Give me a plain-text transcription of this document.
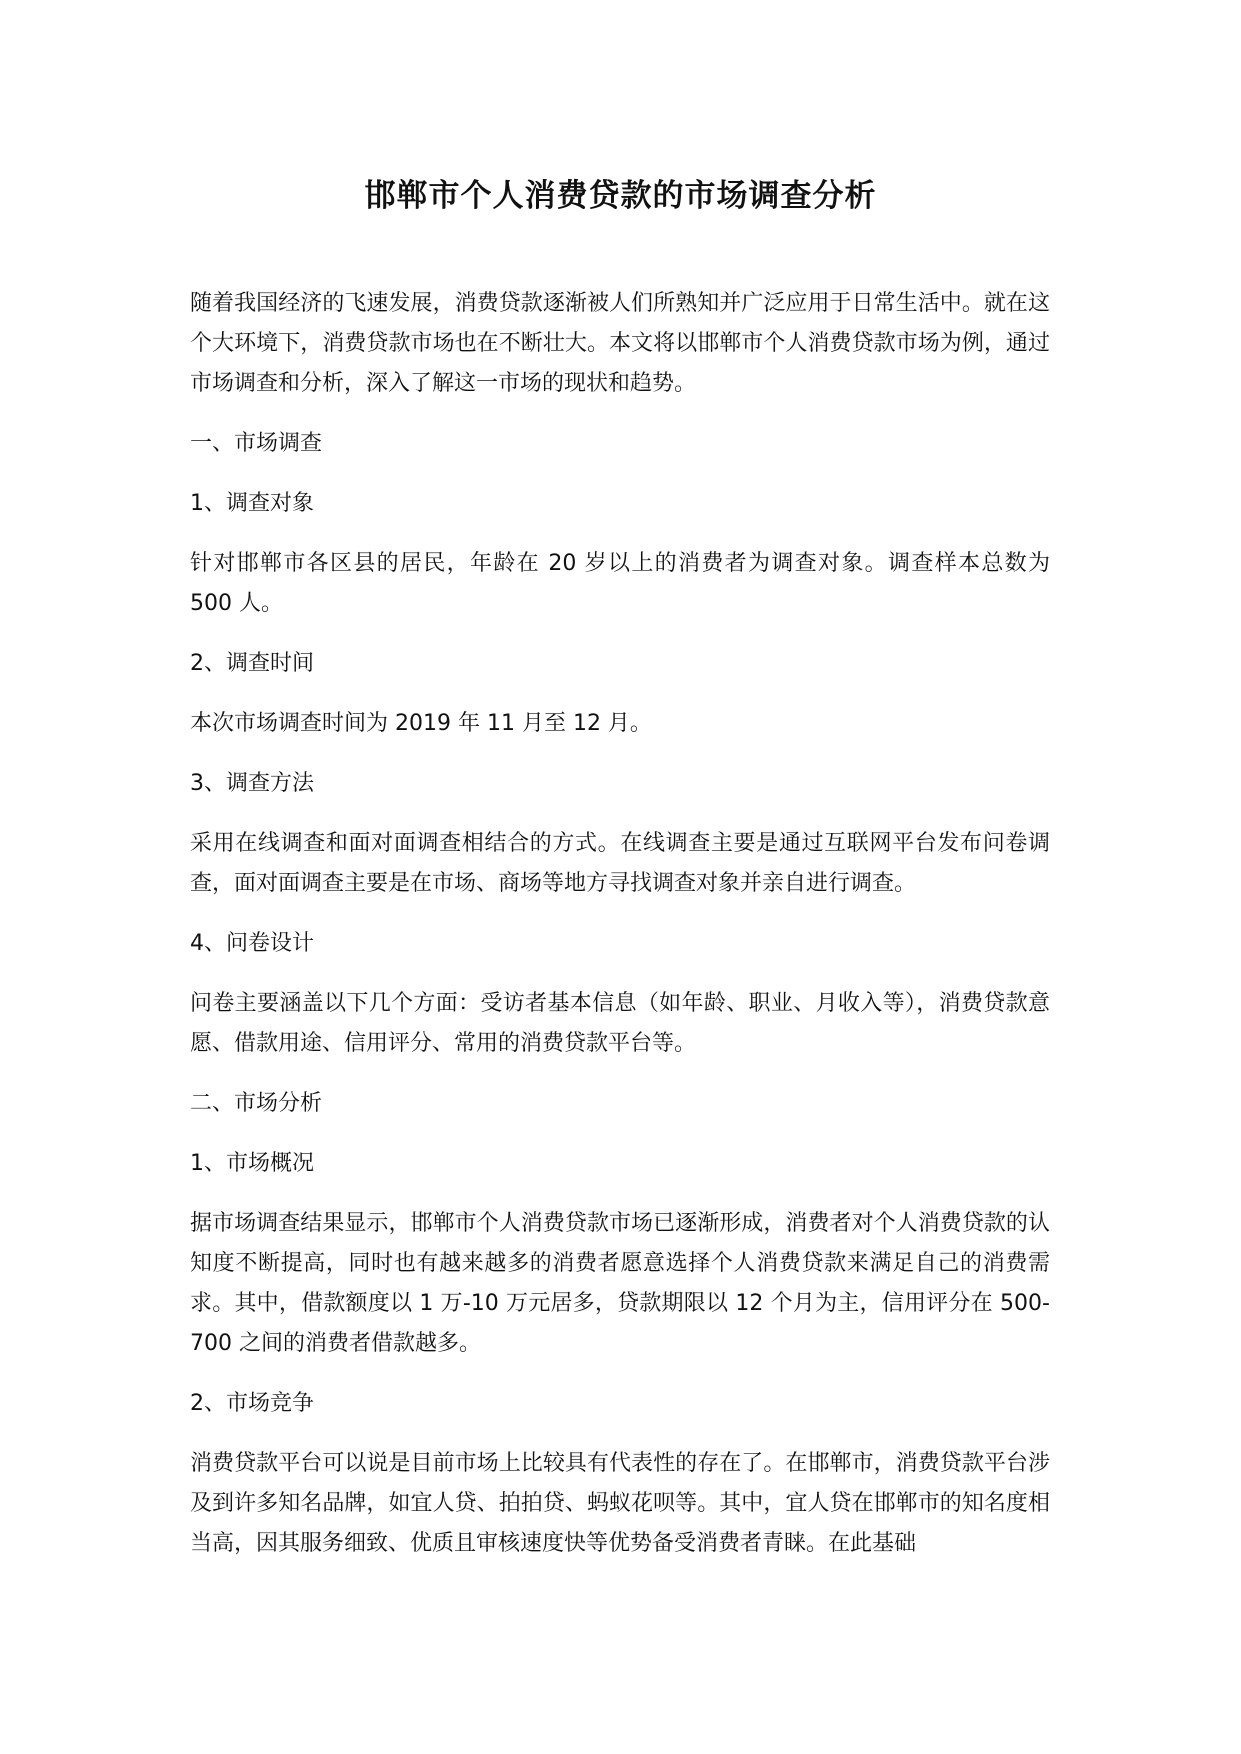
邯郸市个人消费贷款的市场调查分析

随着我国经济的飞速发展，消费贷款逐渐被人们所熟知并广泛应用于日常生活中。就在这个大环境下，消费贷款市场也在不断壮大。本文将以邯郸市个人消费贷款市场为例，通过市场调查和分析，深入了解这一市场的现状和趋势。

一、市场调查

1、调查对象

针对邯郸市各区县的居民，年龄在 20 岁以上的消费者为调查对象。调查样本总数为 500 人。

2、调查时间

本次市场调查时间为 2019 年 11 月至 12 月。

3、调查方法

采用在线调查和面对面调查相结合的方式。在线调查主要是通过互联网平台发布问卷调查，面对面调查主要是在市场、商场等地方寻找调查对象并亲自进行调查。

4、问卷设计

问卷主要涵盖以下几个方面：受访者基本信息（如年龄、职业、月收入等），消费贷款意愿、借款用途、信用评分、常用的消费贷款平台等。

二、市场分析

1、市场概况

据市场调查结果显示，邯郸市个人消费贷款市场已逐渐形成，消费者对个人消费贷款的认知度不断提高，同时也有越来越多的消费者愿意选择个人消费贷款来满足自己的消费需求。其中，借款额度以 1 万-10 万元居多，贷款期限以 12 个月为主，信用评分在 500-700 之间的消费者借款越多。

2、市场竞争

消费贷款平台可以说是目前市场上比较具有代表性的存在了。在邯郸市，消费贷款平台涉及到许多知名品牌，如宜人贷、拍拍贷、蚂蚁花呗等。其中，宜人贷在邯郸市的知名度相当高，因其服务细致、优质且审核速度快等优势备受消费者青睐。在此基础
